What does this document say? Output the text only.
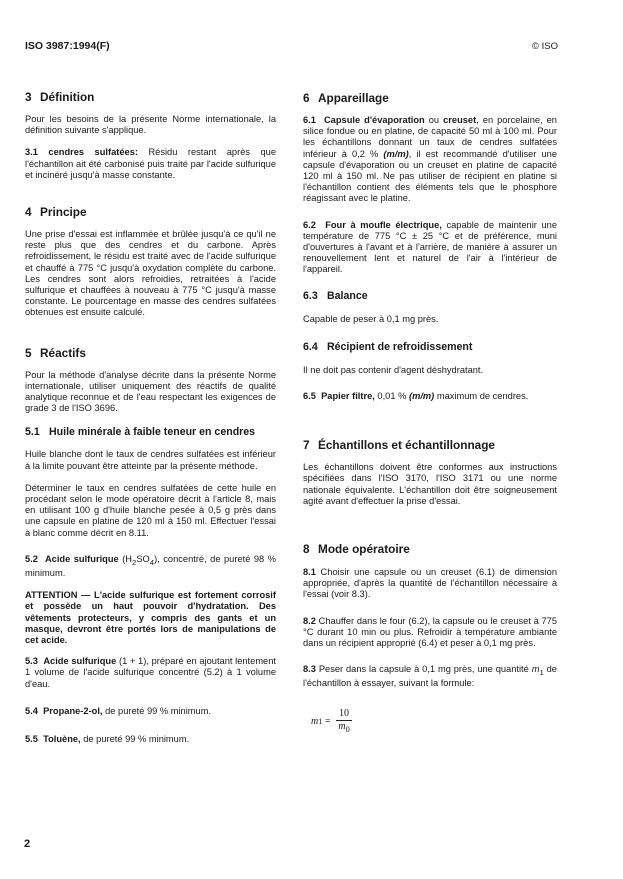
ISO 3987:1994(F)	© ISO
3 Définition

Pour les besoins de la présente Norme internationale, la définition suivante s'applique.

3.1 cendres sulfatées: Résidu restant après que l'échantillon ait été carbonisé puis traité par l'acide sulfurique et incinéré jusqu'à masse constante.

4 Principe

Une prise d'essai est inflammée et brûlée jusqu'à ce qu'il ne reste plus que des cendres et du carbone. Après refroidissement, le résidu est traité avec de l'acide sulfurique et chauffé à 775 °C jusqu'à oxydation complète du carbone. Les cendres sont alors refroidies, retraitées à l'acide sulfurique et chauffées à nouveau à 775 °C jusqu'à masse constante. Le pourcentage en masse des cendres sulfatées obtenues est ensuite calculé.

5 Réactifs

Pour la méthode d'analyse décrite dans la présente Norme internationale, utiliser uniquement des réactifs de qualité analytique reconnue et de l'eau respectant les exigences de grade 3 de l'ISO 3696.

5.1 Huile minérale à faible teneur en cendres

Huile blanche dont le taux de cendres sulfatées est inférieur à la limite pouvant être atteinte par la présente méthode.

Déterminer le taux en cendres sulfatées de cette huile en procédant selon le mode opératoire décrit à l'article 8, mais en utilisant 100 g d'huile blanche pesée à 0,5 g près dans une capsule en platine de 120 ml à 150 ml. Effectuer l'essai à blanc comme décrit en 8.11.

5.2 Acide sulfurique $(H_2SO_4)$, concentré, de pureté 98 % minimum.

ATTENTION — L'acide sulfurique est fortement corrosif et possède un haut pouvoir d'hydratation. Des vêtements protecteurs, y compris des gants et un masque, devront être portés lors de manipulations de cet acide.

5.3 Acide sulfurique (1 + 1), préparé en ajoutant lentement 1 volume de l'acide sulfurique concentré (5.2) à 1 volume d'eau.

5.4 Propane-2-ol, de pureté 99 % minimum.

5.5 Toluène, de pureté 99 % minimum.

6 Appareillage

6.1 Capsule d'évaporation ou creuset, en porcelaine, en silice fondue ou en platine, de capacité 50 ml à 100 ml. Pour les échantillons donnant un taux de cendres sulfatées inférieur à 0,2 % (m/m), il est recommandé d'utiliser une capsule d'évaporation ou un creuset en platine de capacité 120 ml à 150 ml. Ne pas utiliser de récipient en platine si l'échantillon contient des éléments tels que le phosphore réagissant avec le platine.

6.2 Four à moufle électrique, capable de maintenir une température de 775 °C ± 25 °C et de préférence, muni d'ouvertures à l'avant et à l'arrière, de manière à assurer un renouvellement lent et naturel de l'air à l'intérieur de l'appareil.

6.3 Balance

Capable de peser à 0,1 mg près.

6.4 Récipient de refroidissement

Il ne doit pas contenir d'agent déshydratant.

6.5 Papier filtre, 0,01 % (m/m) maximum de cendres.

7 Échantillons et échantillonnage

Les échantillons doivent être conformes aux instructions spécifiées dans l'ISO 3170, l'ISO 3171 ou une norme nationale équivalente. L'échantillon doit être soigneusement agité avant d'effectuer la prise d'essai.

8 Mode opératoire

8.1 Choisir une capsule ou un creuset (6.1) de dimension appropriée, d'après la quantité de l'échantillon nécessaire à l'essai (voir 8.3).

8.2 Chauffer dans le four (6.2), la capsule ou le creuset à 775 °C durant 10 min ou plus. Refroidir à température ambiante dans un récipient approprié (6.4) et peser à 0,1 mg près.

8.3 Peser dans la capsule à 0,1 mg près, une quantité $m_1$ de l'échantillon à essayer, suivant la formule:

m $1 = \frac{10}{m_0}$
2
